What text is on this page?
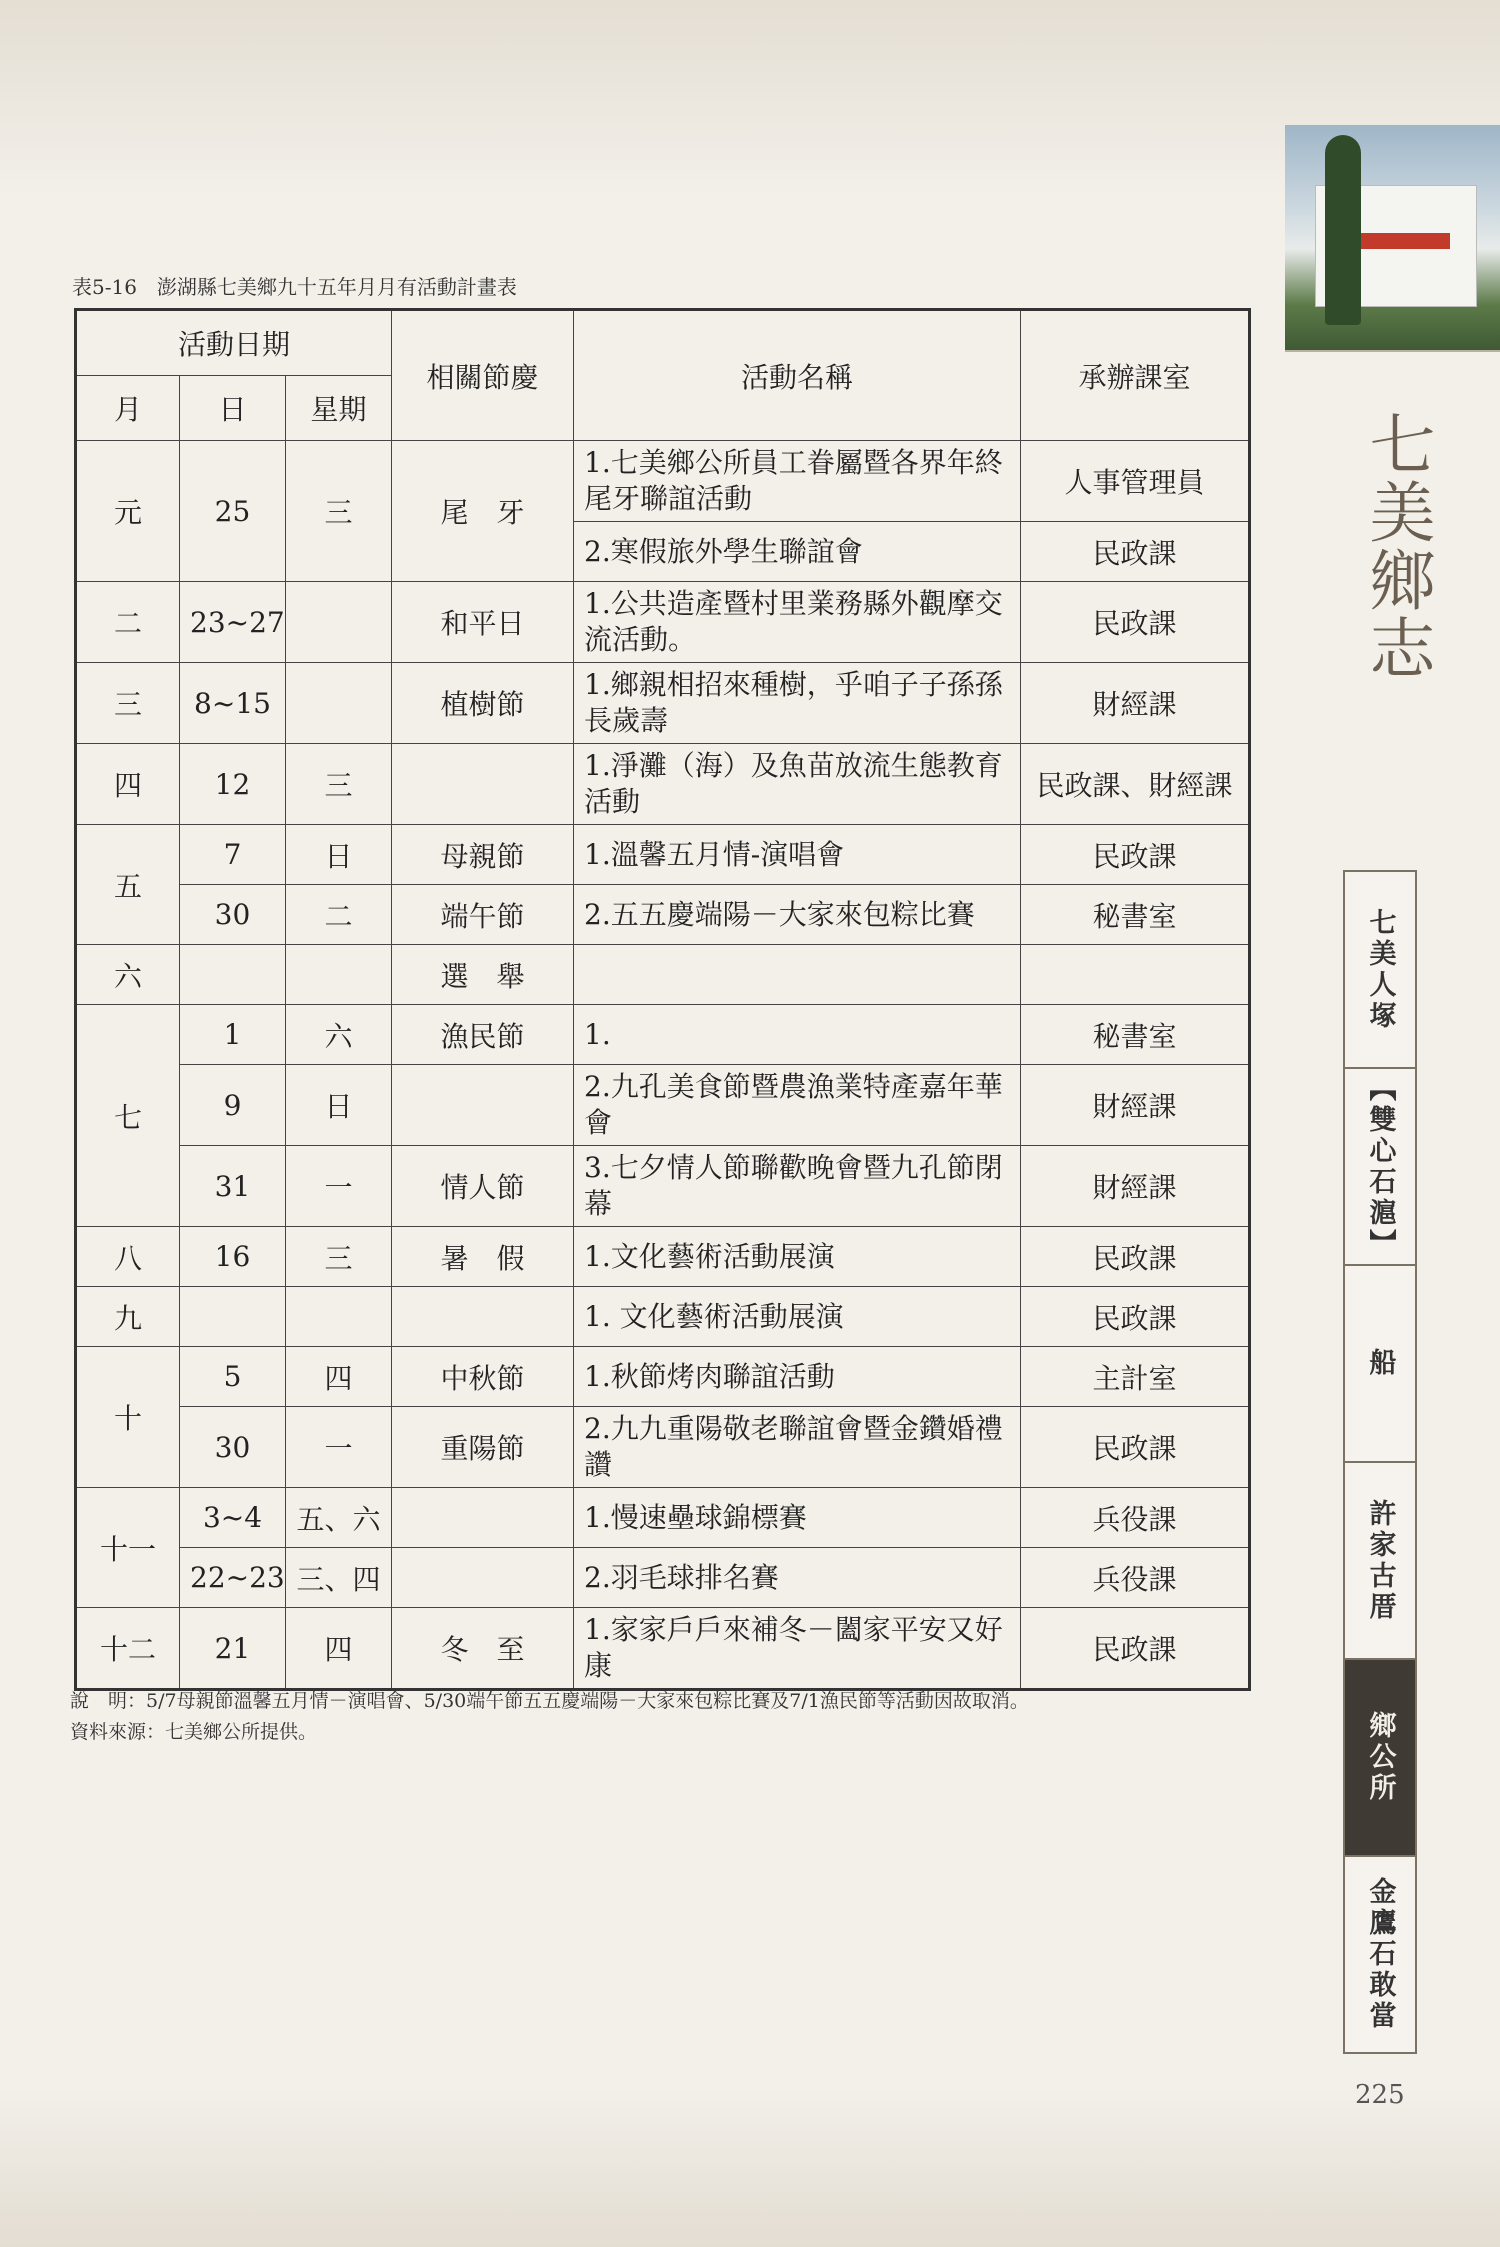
七美鄉志
七美人塚
【雙心石滬】
船
許家古厝
鄉公所
金鷹石敢當
表5-16　澎湖縣七美鄉九十五年月月有活動計畫表
活動日期			相關節慶	活動名稱	承辦課室
月	日	星期			
元	25	三	尾　牙	1.七美鄉公所員工眷屬暨各界年終尾牙聯誼活動	人事管理員
				2.寒假旅外學生聯誼會	民政課
二	23~27		和平日	1.公共造產暨村里業務縣外觀摩交流活動。	民政課
三	8~15		植樹節	1.鄉親相招來種樹，乎咱子子孫孫長歲壽	財經課
四	12	三		1.淨灘（海）及魚苗放流生態教育活動	民政課、財經課
五	7	日	母親節	1.溫馨五月情-演唱會	民政課
	30	二	端午節	2.五五慶端陽－大家來包粽比賽	秘書室
六			選　舉		
七	1	六	漁民節	1.	秘書室
	9	日		2.九孔美食節暨農漁業特產嘉年華會	財經課
	31	一	情人節	3.七夕情人節聯歡晚會暨九孔節閉幕	財經課
八	16	三	暑　假	1.文化藝術活動展演	民政課
九				1. 文化藝術活動展演	民政課
十	5	四	中秋節	1.秋節烤肉聯誼活動	主計室
	30	一	重陽節	2.九九重陽敬老聯誼會暨金鑽婚禮讚	民政課
十一	3~4	五、六		1.慢速壘球錦標賽	兵役課
	22~23	三、四		2.羽毛球排名賽	兵役課
十二	21	四	冬　至	1.家家戶戶來補冬－闔家平安又好康	民政課
說　明：5/7母親節溫馨五月情－演唱會、5/30端午節五五慶端陽－大家來包粽比賽及7/1漁民節等活動因故取消。
資料來源：七美鄉公所提供。
225
